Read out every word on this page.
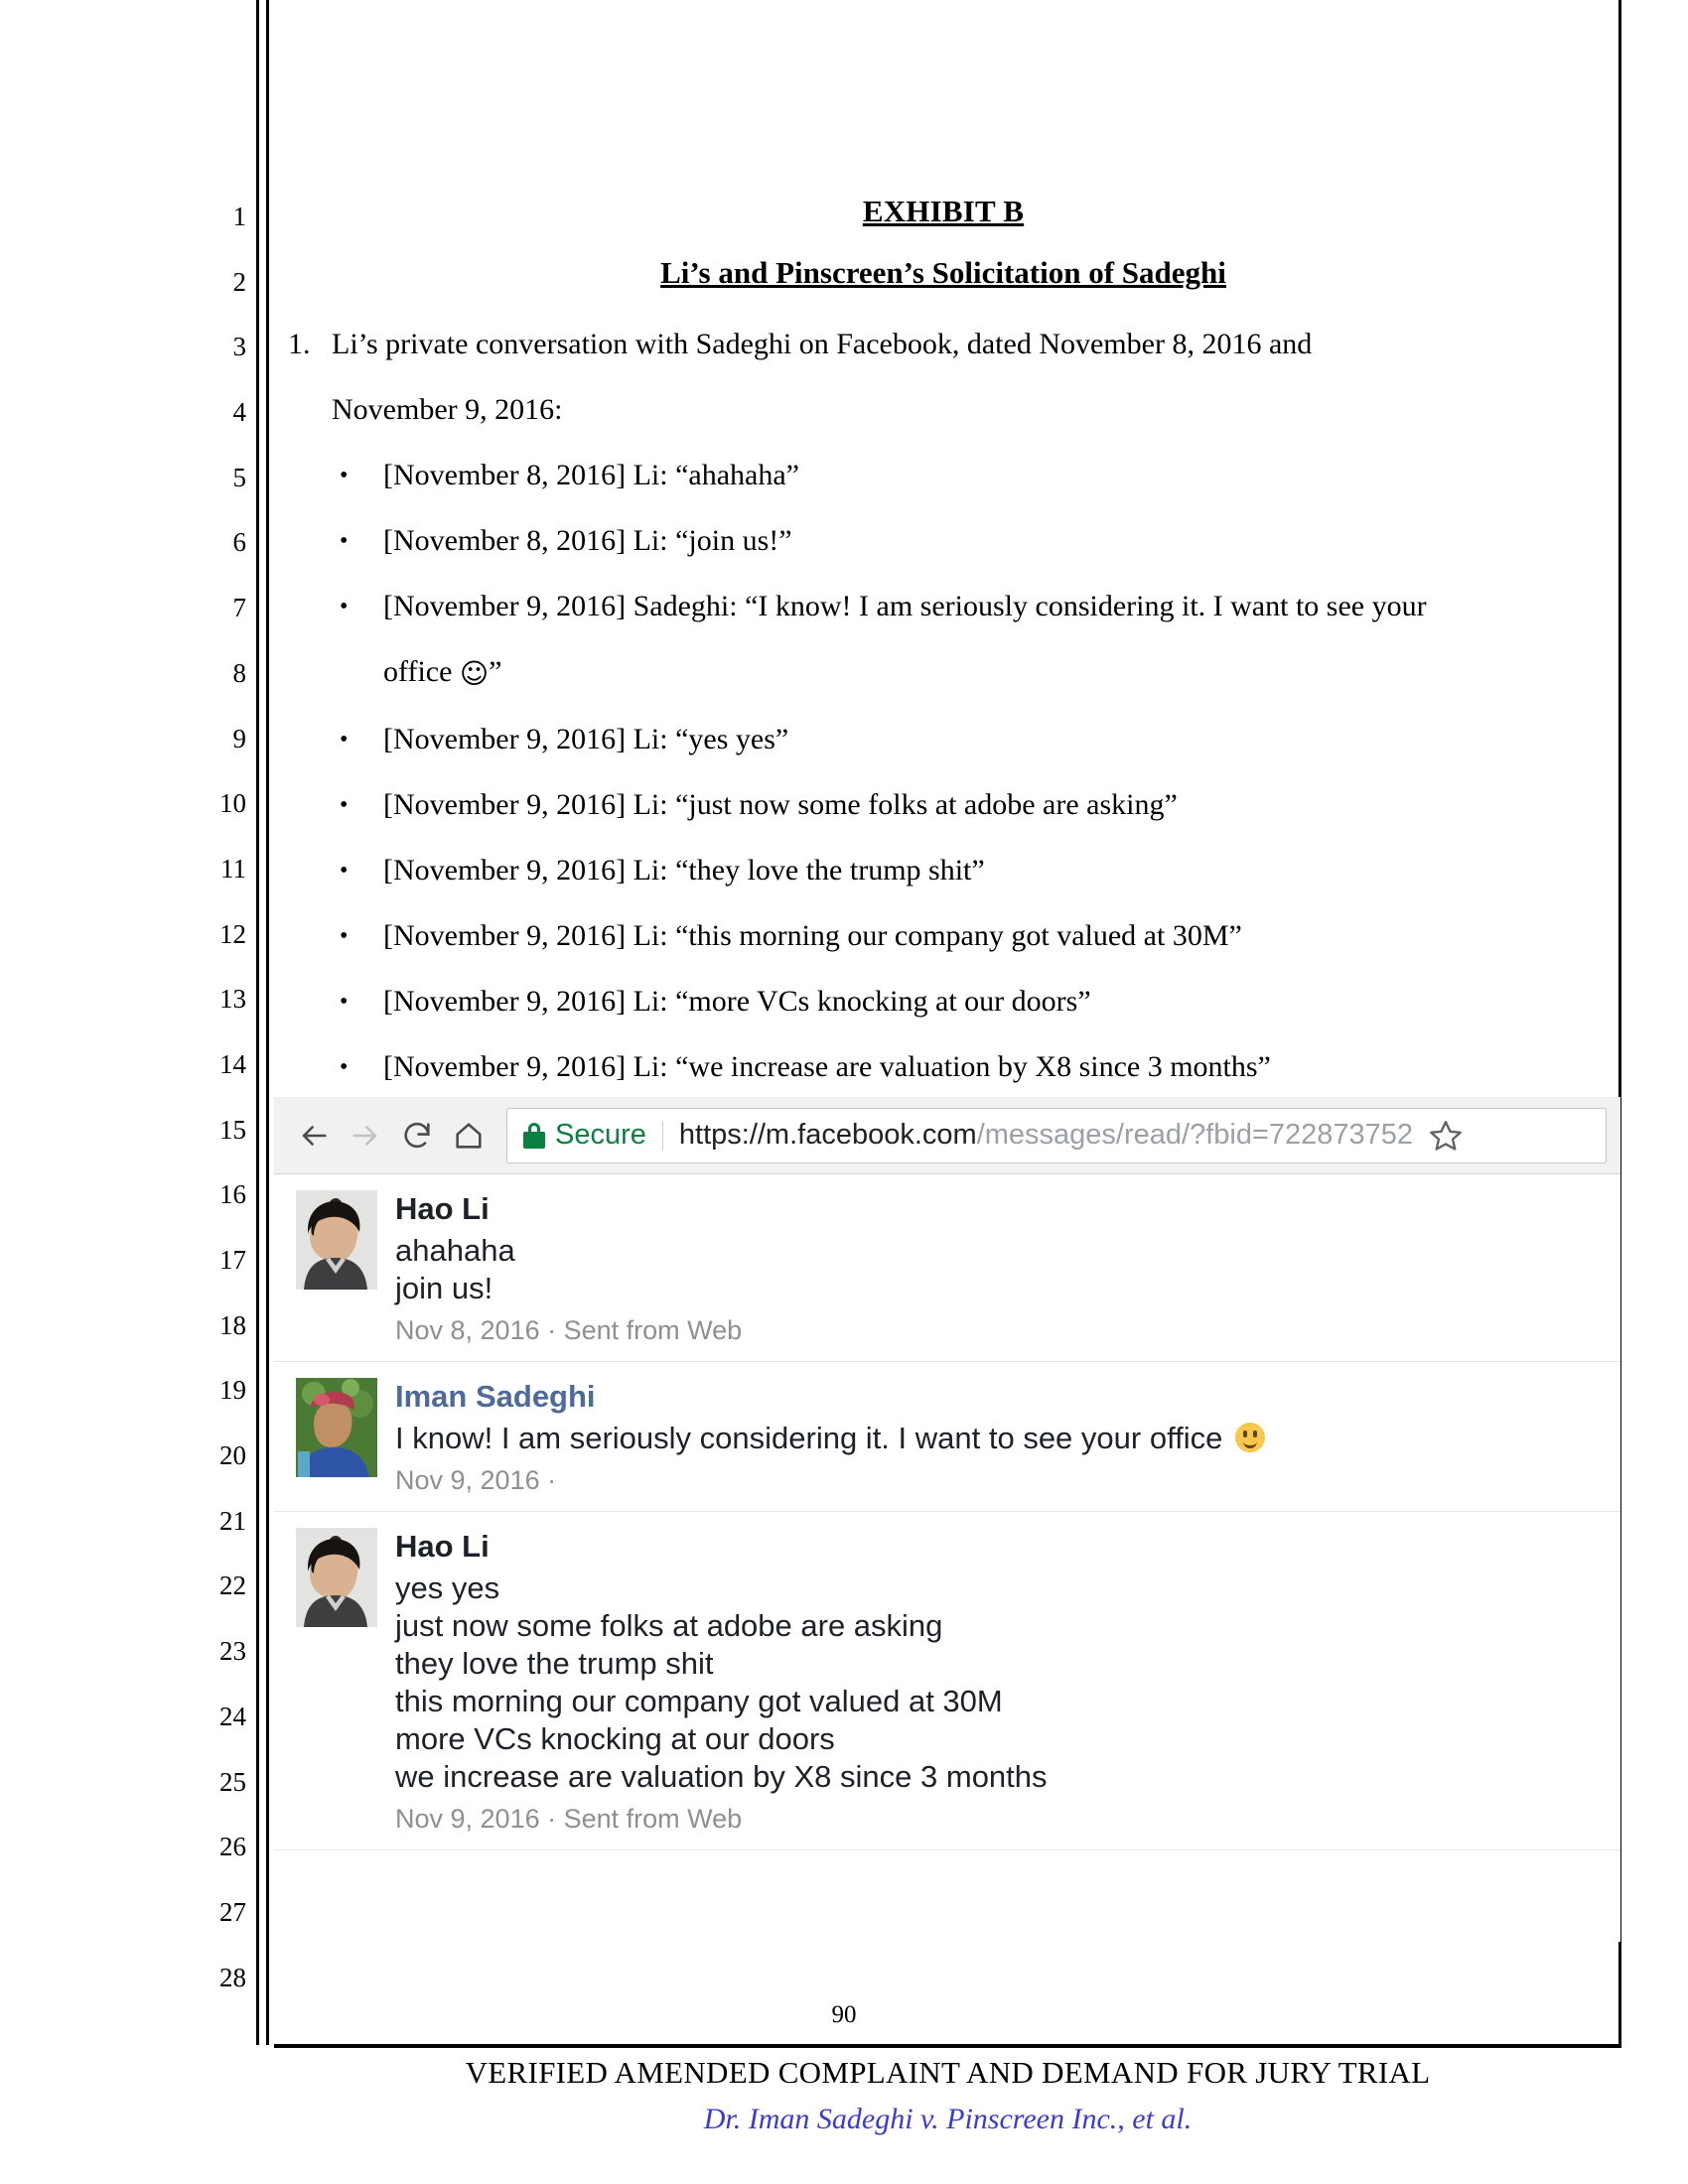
1
2
3
4
5
6
7
8
9
10
11
12
13
14
15
16
17
18
19
20
21
22
23
24
25
26
27
28
EXHIBIT B
Li’s and Pinscreen’s Solicitation of Sadeghi
1. Li’s private conversation with Sadeghi on Facebook, dated November 8, 2016 and
November 9, 2016:
• [November 8, 2016] Li: “ahahaha”
• [November 8, 2016] Li: “join us!”
• [November 9, 2016] Sadeghi: “I know! I am seriously considering it. I want to see your
office ☺”
• [November 9, 2016] Li: “yes yes”
• [November 9, 2016] Li: “just now some folks at adobe are asking”
• [November 9, 2016] Li: “they love the trump shit”
• [November 9, 2016] Li: “this morning our company got valued at 30M”
• [November 9, 2016] Li: “more VCs knocking at our doors”
• [November 9, 2016] Li: “we increase are valuation by X8 since 3 months”
Secure https://m.facebook.com/messages/read/?fbid=722873752
Hao Li
ahahaha
join us!
Nov 8, 2016 · Sent from Web
Iman Sadeghi
I know! I am seriously considering it. I want to see your office
Nov 9, 2016 ·
Hao Li
yes yes
just now some folks at adobe are asking
they love the trump shit
this morning our company got valued at 30M
more VCs knocking at our doors
we increase are valuation by X8 since 3 months
Nov 9, 2016 · Sent from Web
90
VERIFIED AMENDED COMPLAINT AND DEMAND FOR JURY TRIAL
Dr. Iman Sadeghi v. Pinscreen Inc., et al.
